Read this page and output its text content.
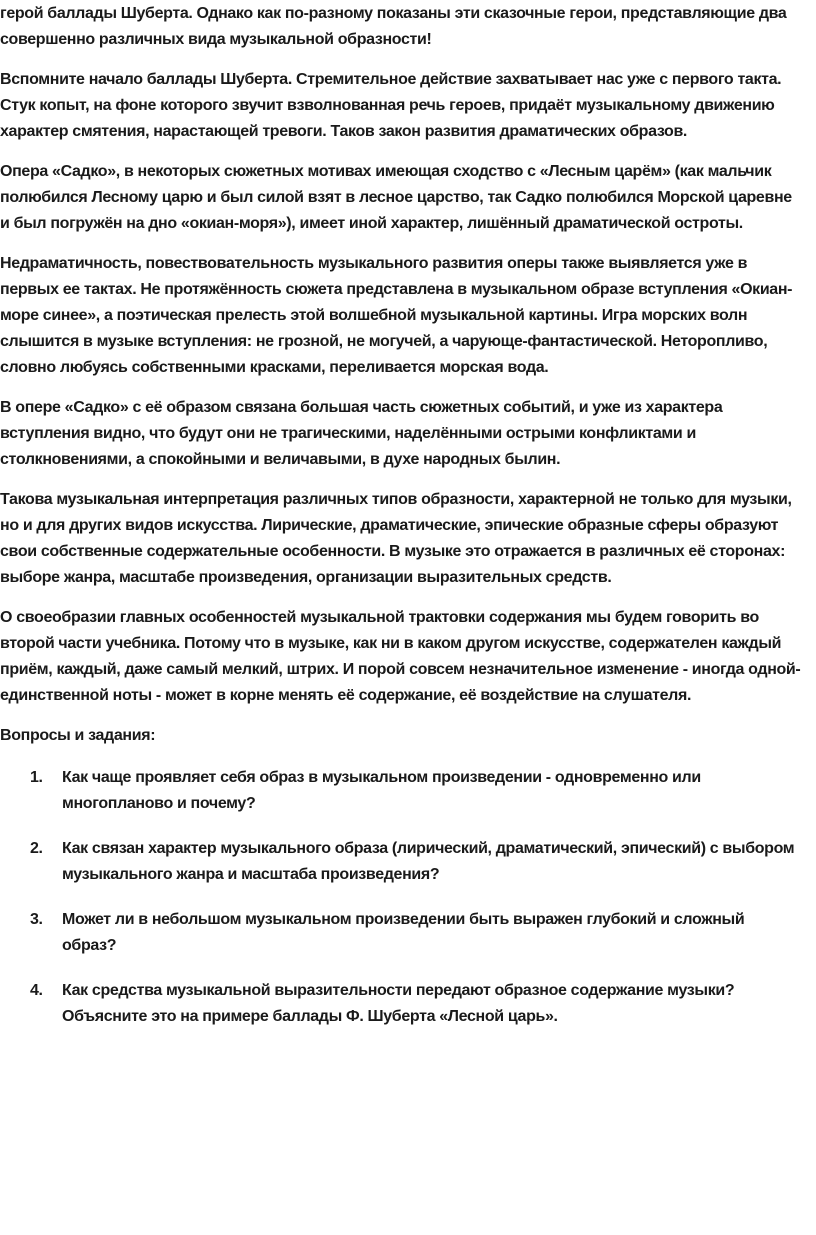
герой баллады Шуберта. Однако как по-разному показаны эти сказочные герои, представляющие два совершенно различных вида музыкальной образности!

Вспомните начало баллады Шуберта. Стремительное действие захватывает нас уже с первого такта. Стук копыт, на фоне которого звучит взволнованная речь героев, придаёт музыкальному движению характер смятения, нарастающей тревоги. Таков закон развития драматических образов.

Опера «Садко», в некоторых сюжетных мотивах имеющая сходство с «Лесным царём» (как мальчик полюбился Лесному царю и был силой взят в лесное царство, так Садко полюбился Морской царевне и был погружён на дно «окиан-моря»), имеет иной характер, лишённый драматической остроты.

Недраматичность, повествовательность музыкального развития оперы также выявляется уже в первых ее тактах. Не протяжённость сюжета представлена в музыкальном образе вступления «Окиан-море синее», а поэтическая прелесть этой волшебной музыкальной картины. Игра морских волн слышится в музыке вступления: не грозной, не могучей, а чарующе-фантастической. Неторопливо, словно любуясь собственными красками, переливается морская вода.

В опере «Садко» с её образом связана большая часть сюжетных событий, и уже из характера вступления видно, что будут они не трагическими, наделёнными острыми конфликтами и столкновениями, а спокойными и величавыми, в духе народных былин.

Такова музыкальная интерпретация различных типов образности, характерной не только для музыки, но и для других видов искусства. Лирические, драматические, эпические образные сферы образуют свои собственные содержательные особенности. В музыке это отражается в различных её сторонах: выборе жанра, масштабе произведения, организации выразительных средств.

О своеобразии главных особенностей музыкальной трактовки содержания мы будем говорить во второй части учебника. Потому что в музыке, как ни в каком другом искусстве, содержателен каждый приём, каждый, даже самый мелкий, штрих. И порой совсем незначительное изменение - иногда одной-единственной ноты - может в корне менять её содержание, её воздействие на слушателя.

Вопросы и задания:

1. Как чаще проявляет себя образ в музыкальном произведении - одновременно или многопланово и почему?
2. Как связан характер музыкального образа (лирический, драматический, эпический) с выбором музыкального жанра и масштаба произведения?
3. Может ли в небольшом музыкальном произведении быть выражен глубокий и сложный образ?
4. Как средства музыкальной выразительности передают образное содержание музыки? Объясните это на примере баллады Ф. Шуберта «Лесной царь».
